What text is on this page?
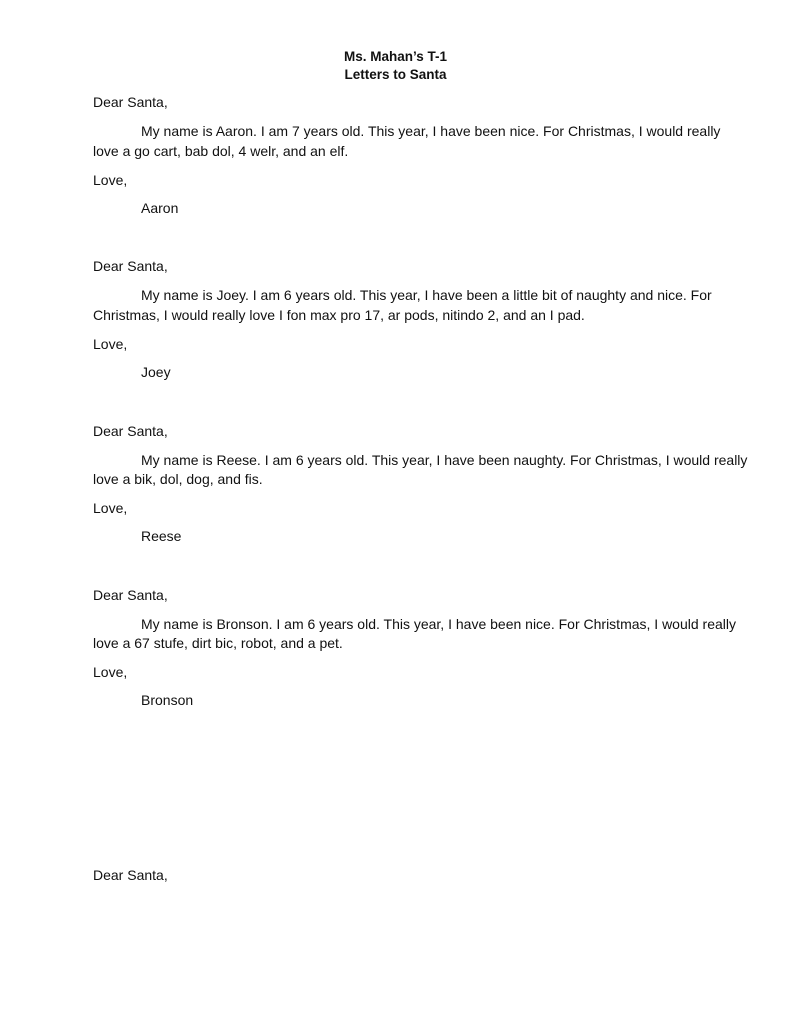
Ms. Mahan’s T-1
Letters to Santa
Dear Santa,
My name is Aaron. I am 7 years old. This year, I have been nice. For Christmas, I would really
love a go cart, bab dol, 4 welr, and an elf.
Love,
Aaron
Dear Santa,
My name is Joey. I am 6 years old. This year, I have been a little bit of naughty and nice. For
Christmas, I would really love I fon max pro 17, ar pods, nitindo 2, and an I pad.
Love,
Joey
Dear Santa,
My name is Reese. I am 6 years old. This year, I have been naughty. For Christmas, I would really
love a bik, dol, dog, and fis.
Love,
Reese
Dear Santa,
My name is Bronson. I am 6 years old. This year, I have been nice. For Christmas, I would really
love a 67 stufe, dirt bic, robot, and a pet.
Love,
Bronson
Dear Santa,
